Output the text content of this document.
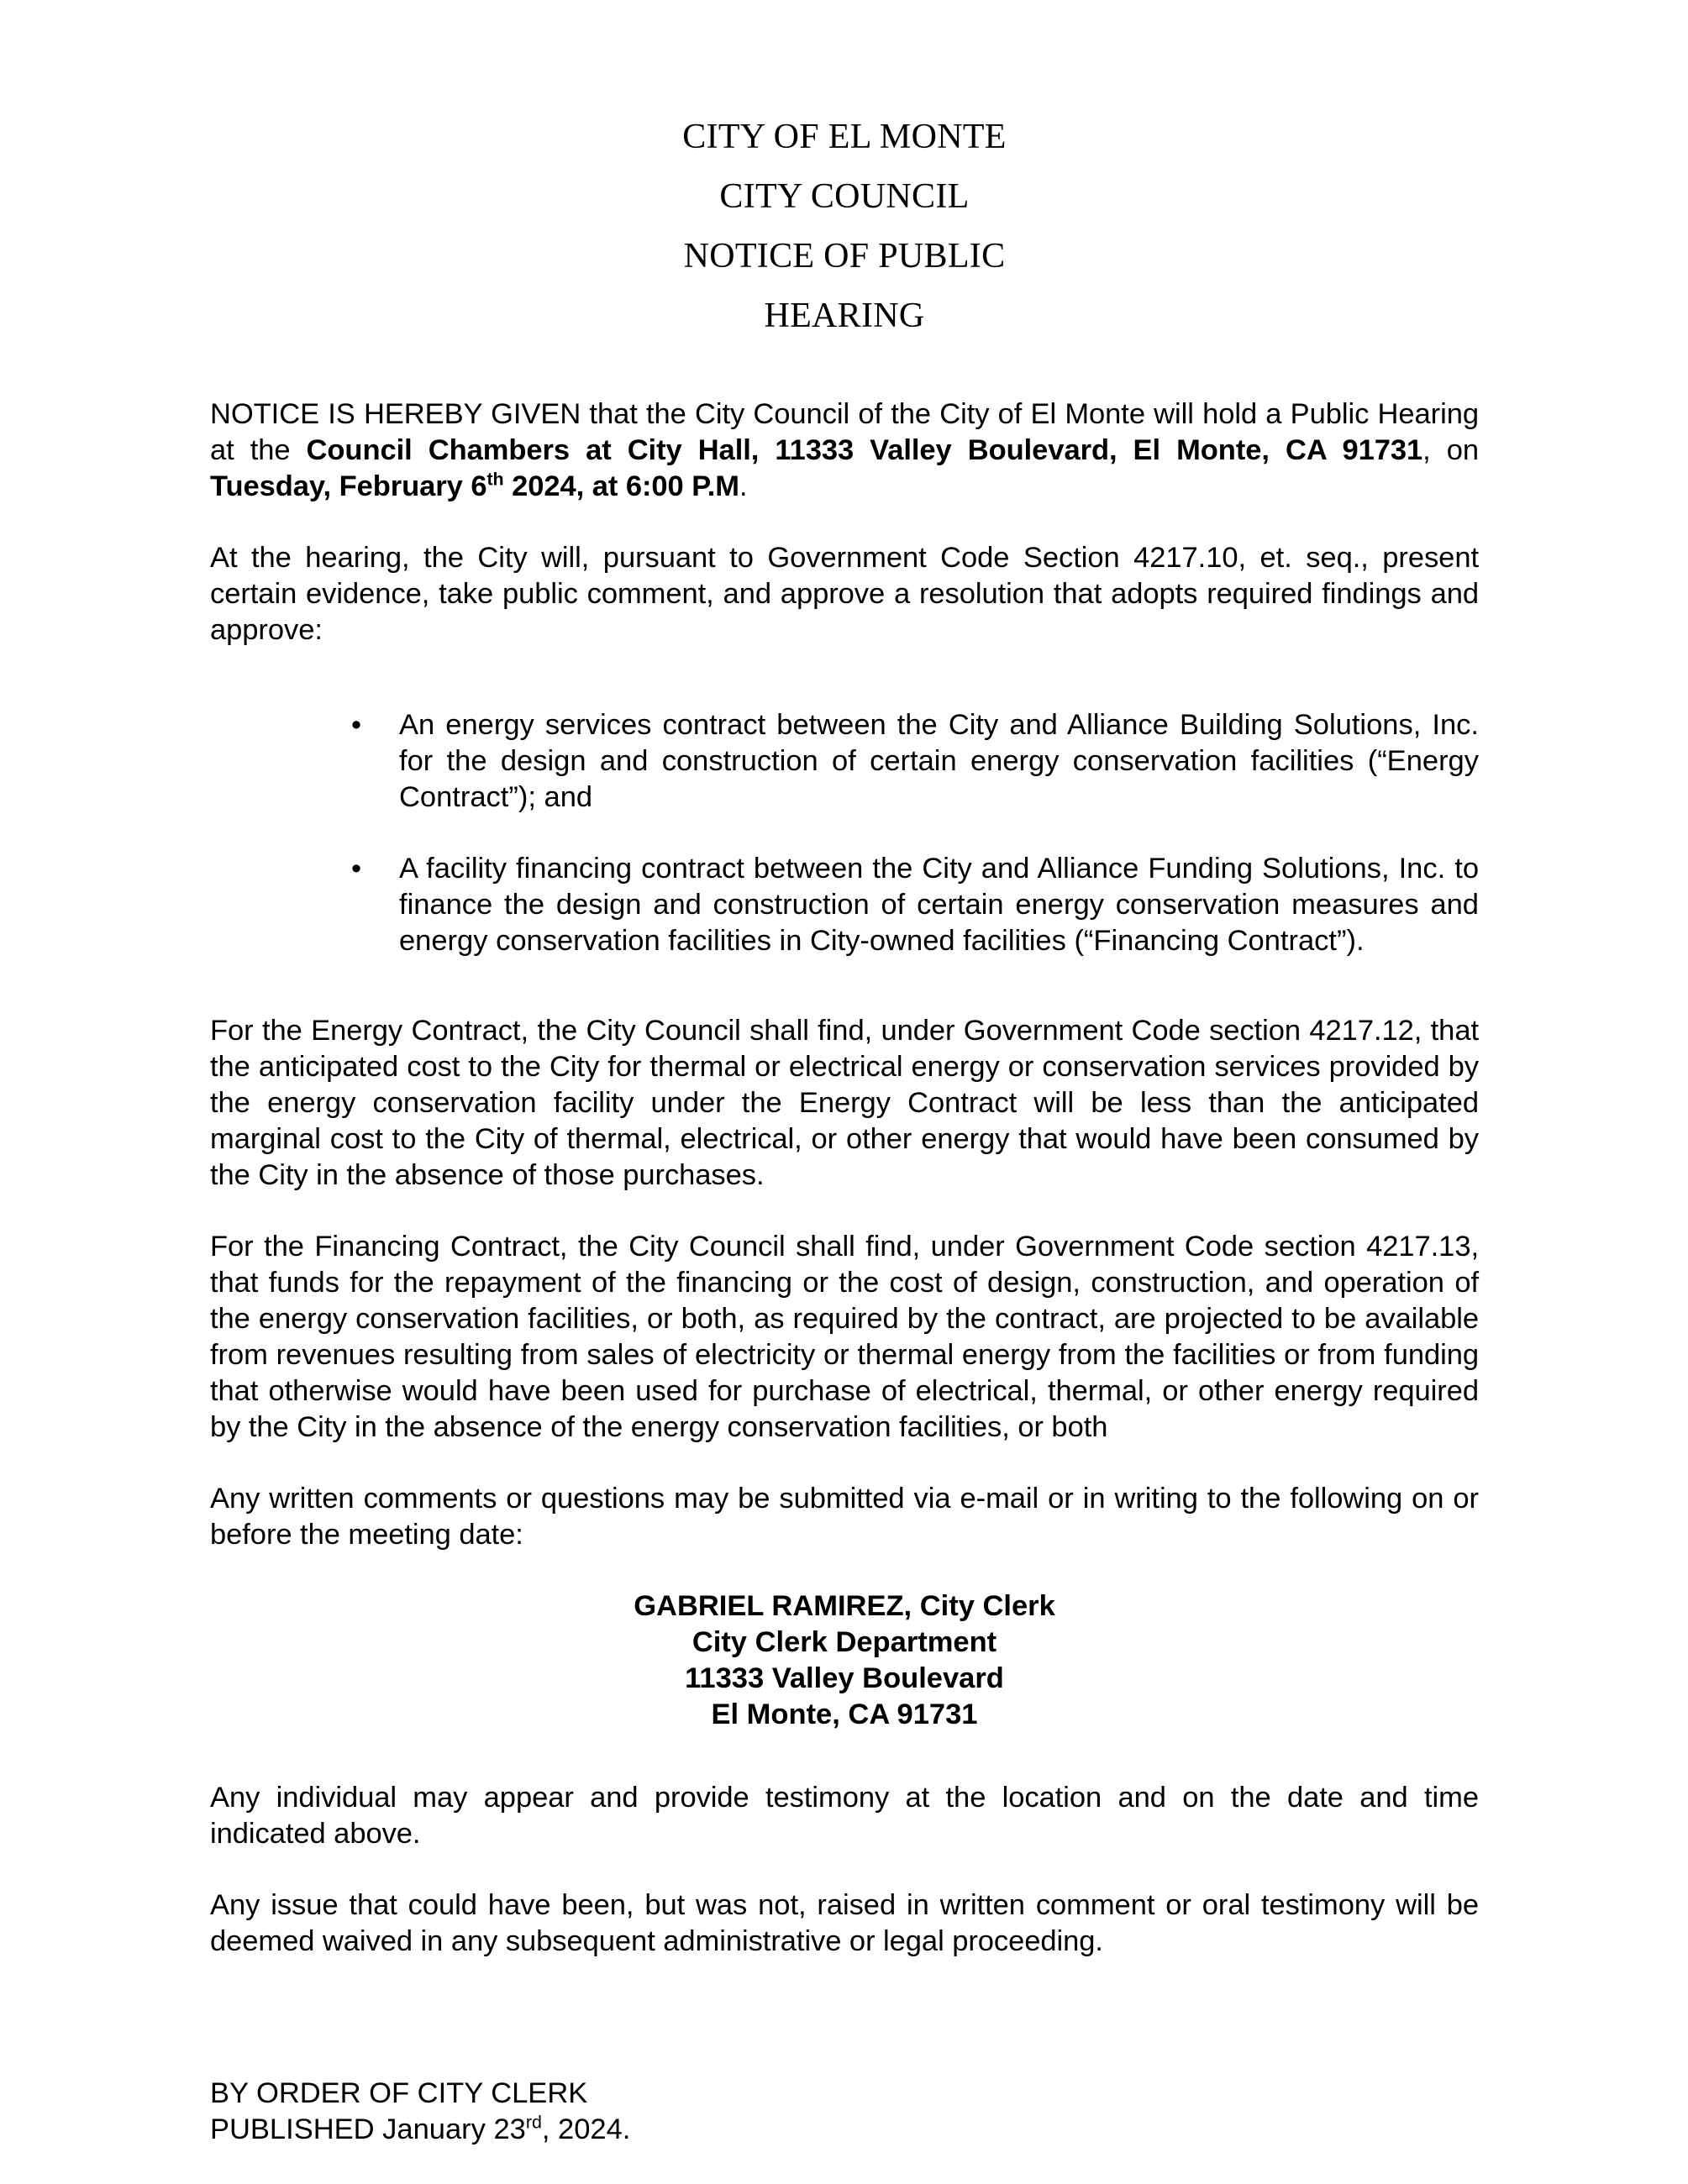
CITY OF EL MONTE
CITY COUNCIL
NOTICE OF PUBLIC
HEARING

NOTICE IS HEREBY GIVEN that the City Council of the City of El Monte will hold a Public Hearing at the Council Chambers at City Hall, 11333 Valley Boulevard, El Monte, CA 91731, on Tuesday, February 6th 2024, at 6:00 P.M.

At the hearing, the City will, pursuant to Government Code Section 4217.10, et. seq., present certain evidence, take public comment, and approve a resolution that adopts required findings and approve:

• An energy services contract between the City and Alliance Building Solutions, Inc. for the design and construction of certain energy conservation facilities (“Energy Contract”); and
• A facility financing contract between the City and Alliance Funding Solutions, Inc. to finance the design and construction of certain energy conservation measures and energy conservation facilities in City-owned facilities (“Financing Contract”).

For the Energy Contract, the City Council shall find, under Government Code section 4217.12, that the anticipated cost to the City for thermal or electrical energy or conservation services provided by the energy conservation facility under the Energy Contract will be less than the anticipated marginal cost to the City of thermal, electrical, or other energy that would have been consumed by the City in the absence of those purchases.

For the Financing Contract, the City Council shall find, under Government Code section 4217.13, that funds for the repayment of the financing or the cost of design, construction, and operation of the energy conservation facilities, or both, as required by the contract, are projected to be available from revenues resulting from sales of electricity or thermal energy from the facilities or from funding that otherwise would have been used for purchase of electrical, thermal, or other energy required by the City in the absence of the energy conservation facilities, or both

Any written comments or questions may be submitted via e-mail or in writing to the following on or before the meeting date:

GABRIEL RAMIREZ, City Clerk
City Clerk Department
11333 Valley Boulevard
El Monte, CA 91731

Any individual may appear and provide testimony at the location and on the date and time indicated above.

Any issue that could have been, but was not, raised in written comment or oral testimony will be deemed waived in any subsequent administrative or legal proceeding.

BY ORDER OF CITY CLERK
PUBLISHED January 23rd, 2024.
